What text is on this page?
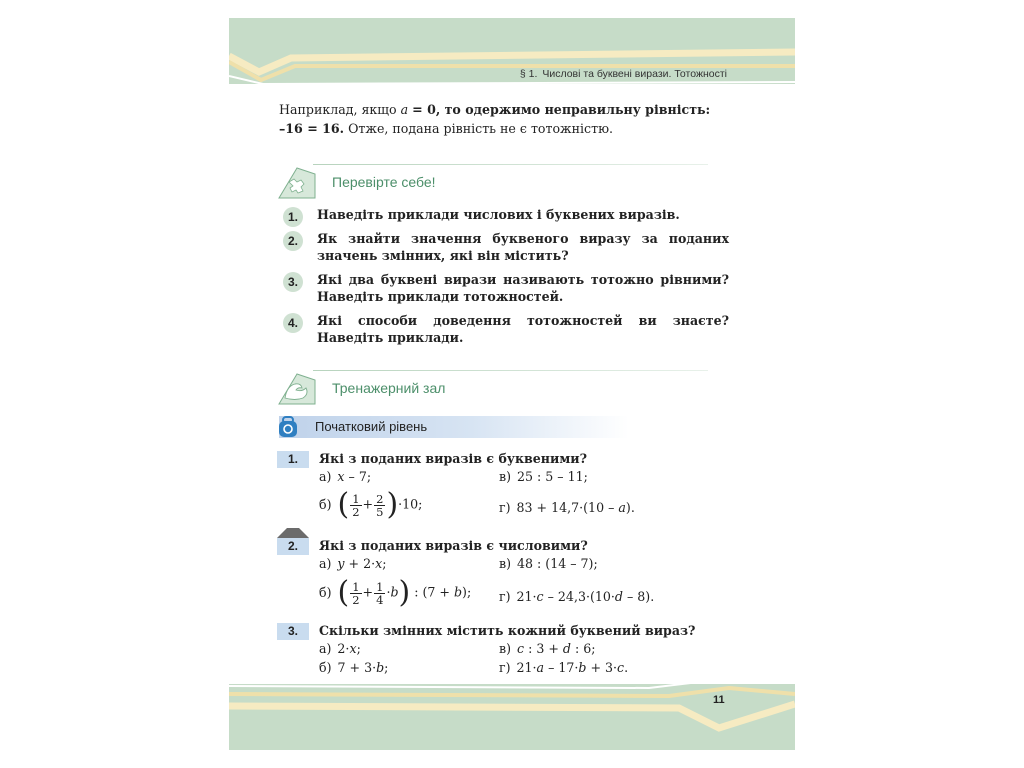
§ 1. Числові та буквені вирази. Тотожності
Наприклад, якщо a = 0, то одержимо неправильну рівність:
–16 = 16. Отже, подана рівність не є тотожністю.
Перевірте себе!
1.	Наведіть приклади числових і буквених виразів.
2.	Як знайти значення буквеного виразу за поданих значень змінних, які він містить?
3.	Які два буквені вирази називають тотожно рівними? Наведіть приклади тотожностей.
4.	Які способи доведення тотожностей ви знаєте? Наведіть приклади.
Тренажерний зал
Початковий рівень
1.	Які з поданих виразів є буквеними?
а) x – 7;	в) 25 : 5 – 11;
б) ( $\frac{1}{2} + \frac{2}{5} )\cdot 10$;	г) 83 + 14,7·(10 – a).
2.	Які з поданих виразів є числовими?
а) y + 2·x;	в) 48 : (14 – 7);
б) ( $\frac{1}{2} + \frac{1}{4} \cdot b$) : (7 + b); г) 21·c – 24,3·(10·d – 8).
3.	Скільки змінних містить кожний буквений вираз?
а) 2·x;	в) c : 3 + d : 6;
б) 7 + 3·b;	г) 21·a – 17·b + 3·c.
11
